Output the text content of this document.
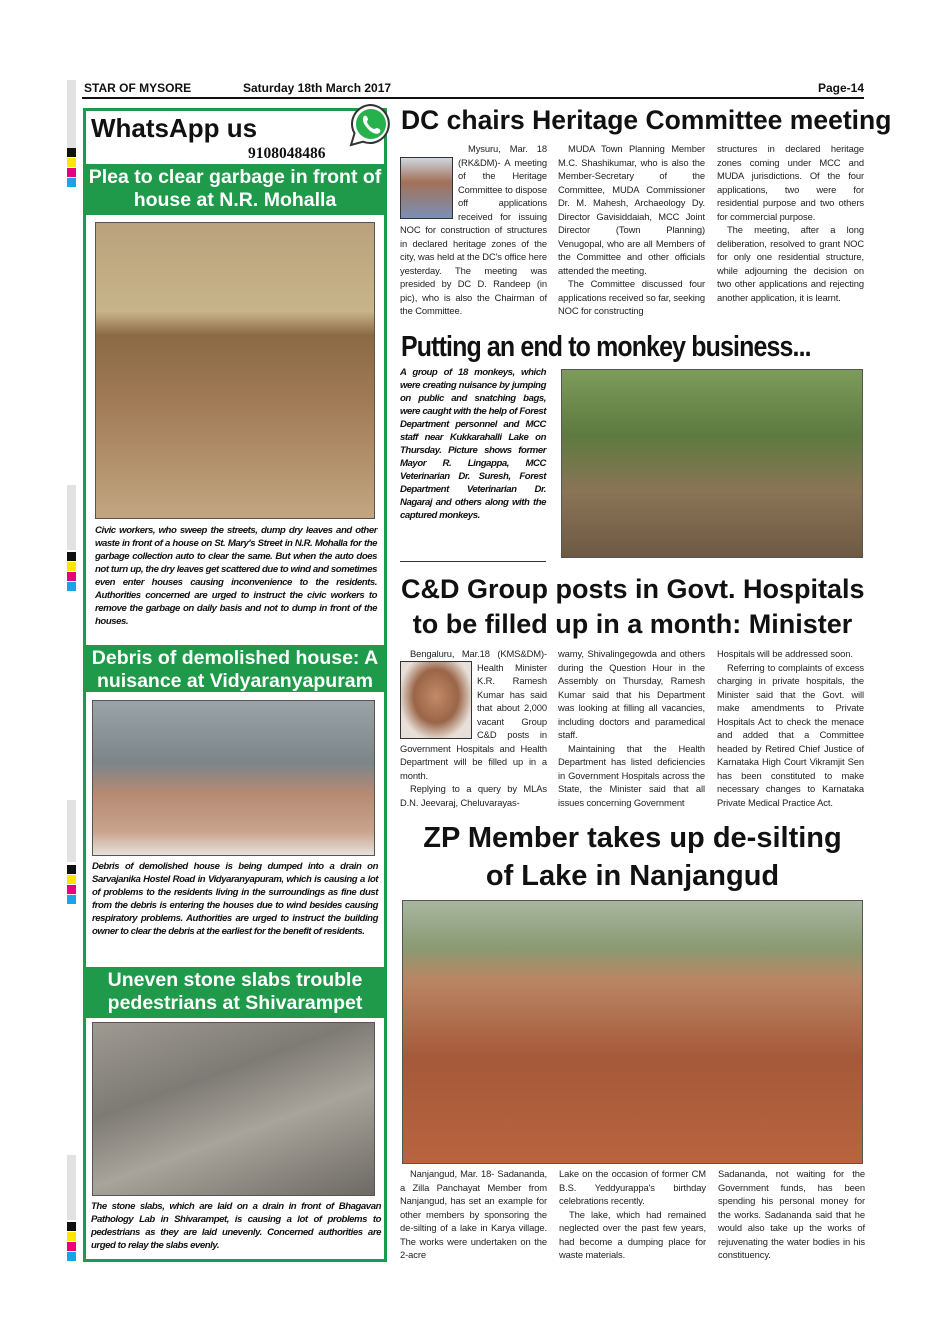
STAR OF MYSORE	Saturday 18th March 2017	Page-14
WhatsApp us
9108048486
Plea to clear garbage in front of house at N.R. Mohalla
Civic workers, who sweep the streets, dump dry leaves and other waste in front of a house on St. Mary's Street in N.R. Mohalla for the garbage collection auto to clear the same. But when the auto does not turn up, the dry leaves get scattered due to wind and sometimes even enter houses causing inconvenience to the residents. Authorities concerned are urged to instruct the civic workers to remove the garbage on daily basis and not to dump in front of the houses.
Debris of demolished house: A nuisance at Vidyaranyapuram
Debris of demolished house is being dumped into a drain on Sarvajanika Hostel Road in Vidyaranyapuram, which is causing a lot of problems to the residents living in the surroundings as fine dust from the debris is entering the houses due to wind besides causing respiratory problems. Authorities are urged to instruct the building owner to clear the debris at the earliest for the benefit of residents.
Uneven stone slabs trouble pedestrians at Shivarampet
The stone slabs, which are laid on a drain in front of Bhagavan Pathology Lab in Shivarampet, is causing a lot of problems to pedestrians as they are laid unevenly. Concerned authorities are urged to relay the slabs evenly.
DC chairs Heritage Committee meeting

Mysuru, Mar. 18 (RK&DM)- A meeting of the Heritage Committee to dispose off applications received for issuing NOC for construction of structures in declared heritage zones of the city, was held at the DC's office here yesterday. The meeting was presided by DC D. Randeep (in pic), who is also the Chairman of the Committee.

MUDA Town Planning Member M.C. Shashikumar, who is also the Member-Secretary of the Committee, MUDA Commissioner Dr. M. Mahesh, Archaeology Dy. Director Gavisiddaiah, MCC Joint Director (Town Planning) Venugopal, who are all Members of the Committee and other officials attended the meeting.

The Committee discussed four applications received so far, seeking NOC for constructing

structures in declared heritage zones coming under MCC and MUDA jurisdictions. Of the four applications, two were for residential purpose and two others for commercial purpose.

The meeting, after a long deliberation, resolved to grant NOC for only one residential structure, while adjourning the decision on two other applications and rejecting another application, it is learnt.

Putting an end to monkey business...
A group of 18 monkeys, which were creating nuisance by jumping on public and snatching bags, were caught with the help of Forest Department personnel and MCC staff near Kukkarahalli Lake on Thursday. Picture shows former Mayor R. Lingappa, MCC Veterinarian Dr. Suresh, Forest Department Veterinarian Dr. Nagaraj and others along with the captured monkeys.
C&D Group posts in Govt. Hospitals
to be filled up in a month: Minister

Bengaluru, Mar.18 (KMS&DM)- Health Minister K.R. Ramesh Kumar has said that about 2,000 vacant Group C&D posts in Government Hospitals and Health Department will be filled up in a month.

Replying to a query by MLAs D.N. Jeevaraj, Cheluvarayas-

wamy, Shivalingegowda and others during the Question Hour in the Assembly on Thursday, Ramesh Kumar said that his Department was looking at filling all vacancies, including doctors and paramedical staff.

Maintaining that the Health Department has listed deficiencies in Government Hospitals across the State, the Minister said that all issues concerning Government

Hospitals will be addressed soon.

Referring to complaints of excess charging in private hospitals, the Minister said that the Govt. will make amendments to Private Hospitals Act to check the menace and added that a Committee headed by Retired Chief Justice of Karnataka High Court Vikramjit Sen has been constituted to make necessary changes to Karnataka Private Medical Practice Act.

ZP Member takes up de-silting
of Lake in Nanjangud

Nanjangud, Mar. 18- Sadananda, a Zilla Panchayat Member from Nanjangud, has set an example for other members by sponsoring the de-silting of a lake in Karya village. The works were undertaken on the 2-acre

Lake on the occasion of former CM B.S. Yeddyurappa's birthday celebrations recently.

The lake, which had remained neglected over the past few years, had become a dumping place for waste materials.

Sadananda, not waiting for the Government funds, has been spending his personal money for the works. Sadananda said that he would also take up the works of rejuvenating the water bodies in his constituency.
